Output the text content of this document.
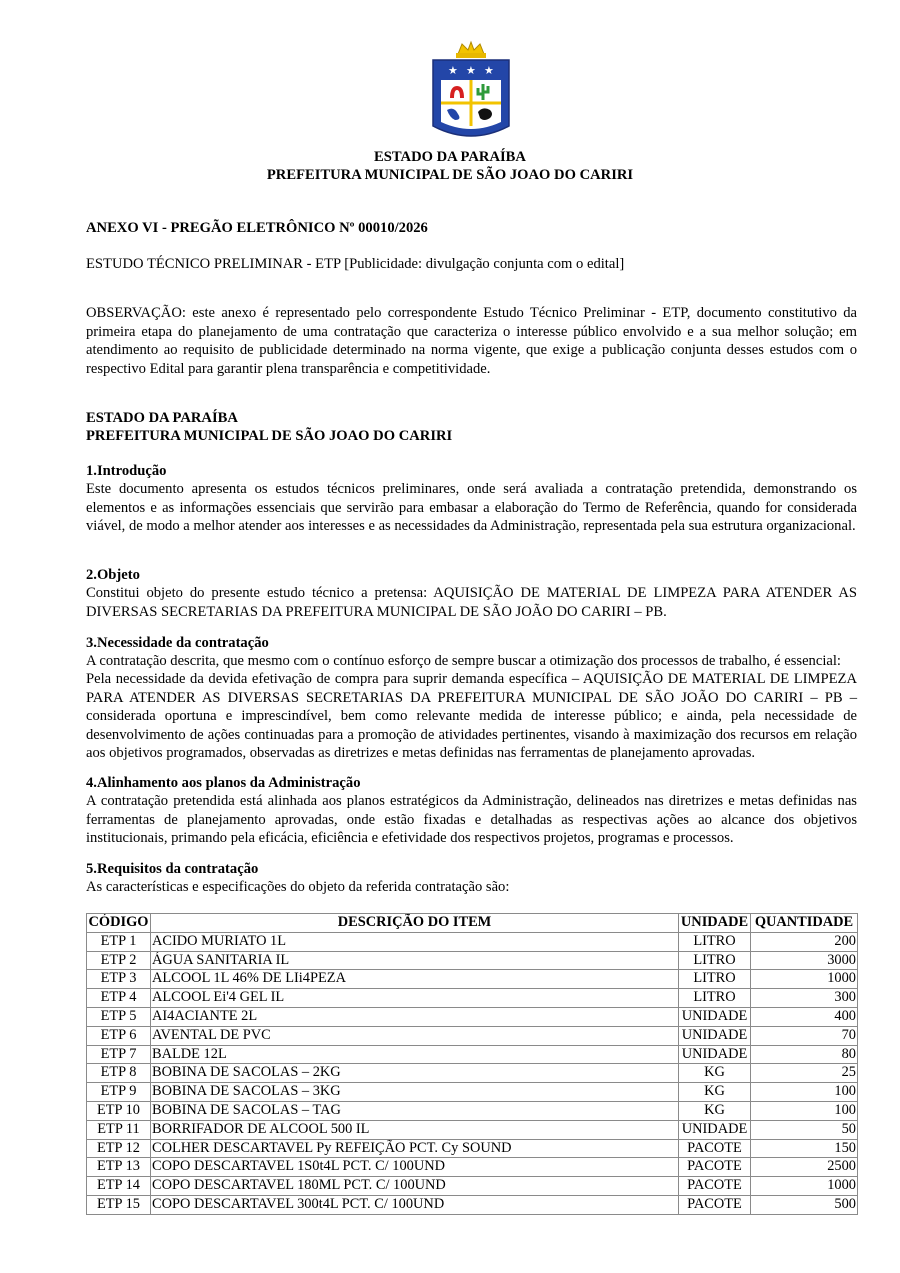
★ ★ ★
ESTADO DA PARAÍBA
PREFEITURA MUNICIPAL DE SÃO JOAO DO CARIRI
ANEXO VI - PREGÃO ELETRÔNICO Nº 00010/2026
ESTUDO TÉCNICO PRELIMINAR - ETP [Publicidade: divulgação conjunta com o edital]

OBSERVAÇÃO: este anexo é representado pelo correspondente Estudo Técnico Preliminar - ETP, documento constitutivo da primeira etapa do planejamento de uma contratação que caracteriza o interesse público envolvido e a sua melhor solução; em atendimento ao requisito de publicidade determinado na norma vigente, que exige a publicação conjunta desses estudos com o respectivo Edital para garantir plena transparência e competitividade.

ESTADO DA PARAÍBA
PREFEITURA MUNICIPAL DE SÃO JOAO DO CARIRI
1.Introdução

Este documento apresenta os estudos técnicos preliminares, onde será avaliada a contratação pretendida, demonstrando os elementos e as informações essenciais que servirão para embasar a elaboração do Termo de Referência, quando for considerada viável, de modo a melhor atender aos interesses e as necessidades da Administração, representada pela sua estrutura organizacional.

2.Objeto

Constitui objeto do presente estudo técnico a pretensa: AQUISIÇÃO DE MATERIAL DE LIMPEZA PARA ATENDER AS DIVERSAS SECRETARIAS DA PREFEITURA MUNICIPAL DE SÃO JOÃO DO CARIRI – PB.

3.Necessidade da contratação
A contratação descrita, que mesmo com o contínuo esforço de sempre buscar a otimização dos processos de trabalho, é essencial:

Pela necessidade da devida efetivação de compra para suprir demanda específica – AQUISIÇÃO DE MATERIAL DE LIMPEZA PARA ATENDER AS DIVERSAS SECRETARIAS DA PREFEITURA MUNICIPAL DE SÃO JOÃO DO CARIRI – PB – considerada oportuna e imprescindível, bem como relevante medida de interesse público; e ainda, pela necessidade de desenvolvimento de ações continuadas para a promoção de atividades pertinentes, visando à maximização dos recursos em relação aos objetivos programados, observadas as diretrizes e metas definidas nas ferramentas de planejamento aprovadas.

4.Alinhamento aos planos da Administração

A contratação pretendida está alinhada aos planos estratégicos da Administração, delineados nas diretrizes e metas definidas nas ferramentas de planejamento aprovadas, onde estão fixadas e detalhadas as respectivas ações ao alcance dos objetivos institucionais, primando pela eficácia, eficiência e efetividade dos respectivos projetos, programas e processos.

5.Requisitos da contratação
As características e especificações do objeto da referida contratação são:
CÓDIGO	DESCRIÇÃO DO ITEM	UNIDADE	QUANTIDADE
ETP 1	ACIDO MURIATO 1L	LITRO	200
ETP 2	ÁGUA SANITARIA IL	LITRO	3000
ETP 3	ALCOOL 1L 46% DE LIi4PEZA	LITRO	1000
ETP 4	ALCOOL Ei'4 GEL IL	LITRO	300
ETP 5	AI4ACIANTE 2L	UNIDADE	400
ETP 6	AVENTAL DE PVC	UNIDADE	70
ETP 7	BALDE 12L	UNIDADE	80
ETP 8	BOBINA DE SACOLAS – 2KG	KG	25
ETP 9	BOBINA DE SACOLAS – 3KG	KG	100
ETP 10	BOBINA DE SACOLAS – TAG	KG	100
ETP 11	BORRIFADOR DE ALCOOL 500 IL	UNIDADE	50
ETP 12	COLHER DESCARTAVEL Py REFEIÇÃO PCT. Cy SOUND	PACOTE	150
ETP 13	COPO DESCARTAVEL 1S0t4L PCT. C/ 100UND	PACOTE	2500
ETP 14	COPO DESCARTAVEL 180ML PCT. C/ 100UND	PACOTE	1000
ETP 15	COPO DESCARTAVEL 300t4L PCT. C/ 100UND	PACOTE	500
